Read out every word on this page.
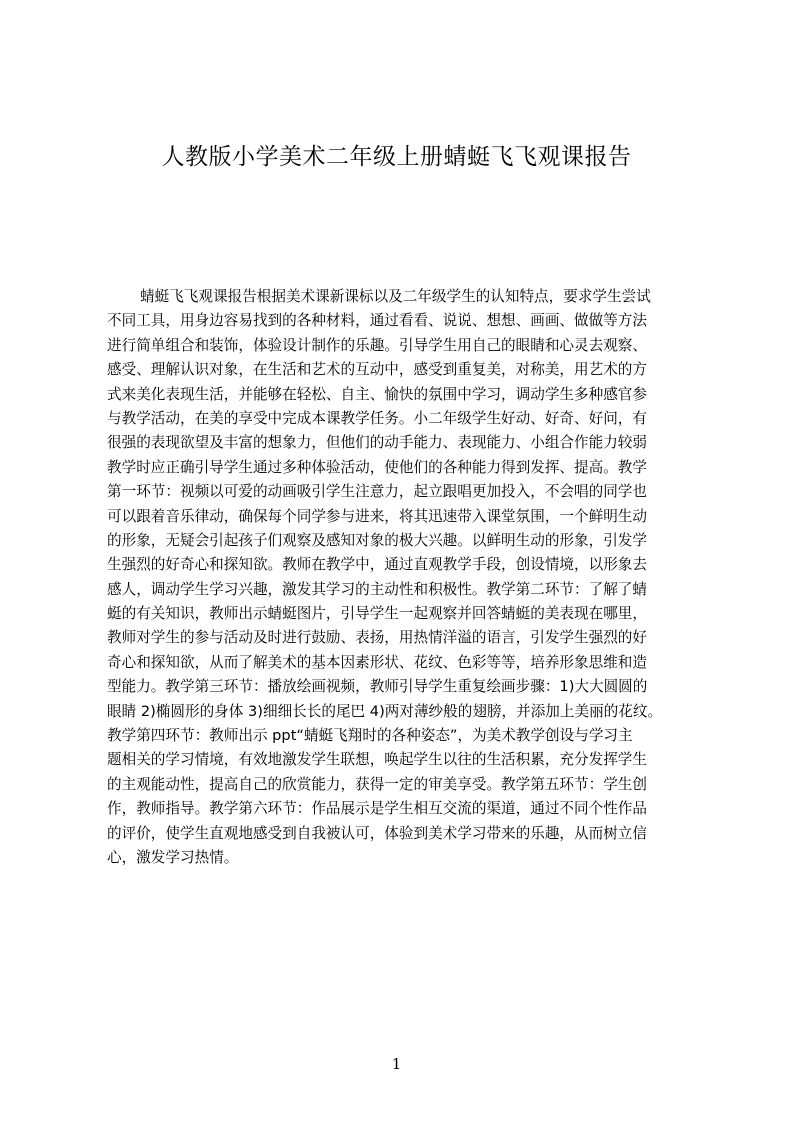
人教版小学美术二年级上册蜻蜓飞飞观课报告
蜻蜓飞飞观课报告根据美术课新课标以及二年级学生的认知特点，要求学生尝试
不同工具，用身边容易找到的各种材料，通过看看、说说、想想、画画、做做等方法
进行简单组合和装饰，体验设计制作的乐趣。引导学生用自己的眼睛和心灵去观察、
感受、理解认识对象，在生活和艺术的互动中，感受到重复美，对称美，用艺术的方
式来美化表现生活，并能够在轻松、自主、愉快的氛围中学习，调动学生多种感官参
与教学活动，在美的享受中完成本课教学任务。小二年级学生好动、好奇、好问，有
很强的表现欲望及丰富的想象力，但他们的动手能力、表现能力、小组合作能力较弱
教学时应正确引导学生通过多种体验活动，使他们的各种能力得到发挥、提高。教学
第一环节：视频以可爱的动画吸引学生注意力，起立跟唱更加投入，不会唱的同学也
可以跟着音乐律动，确保每个同学参与进来，将其迅速带入课堂氛围，一个鲜明生动
的形象，无疑会引起孩子们观察及感知对象的极大兴趣。以鲜明生动的形象，引发学
生强烈的好奇心和探知欲。教师在教学中，通过直观教学手段，创设情境，以形象去
感人，调动学生学习兴趣，激发其学习的主动性和积极性。教学第二环节：了解了蜻
蜓的有关知识，教师出示蜻蜓图片，引导学生一起观察并回答蜻蜓的美表现在哪里，
教师对学生的参与活动及时进行鼓励、表扬，用热情洋溢的语言，引发学生强烈的好
奇心和探知欲，从而了解美术的基本因素形状、花纹、色彩等等，培养形象思维和造
型能力。教学第三环节：播放绘画视频，教师引导学生重复绘画步骤：1)大大圆圆的
眼睛 2)椭圆形的身体 3)细细长长的尾巴 4)两对薄纱般的翅膀，并添加上美丽的花纹。
教学第四环节：教师出示 ppt“蜻蜓飞翔时的各种姿态”，为美术教学创设与学习主
题相关的学习情境，有效地激发学生联想，唤起学生以往的生活积累，充分发挥学生
的主观能动性，提高自己的欣赏能力，获得一定的审美享受。教学第五环节：学生创
作，教师指导。教学第六环节：作品展示是学生相互交流的渠道，通过不同个性作品
的评价，使学生直观地感受到自我被认可，体验到美术学习带来的乐趣，从而树立信
心，激发学习热情。
1
